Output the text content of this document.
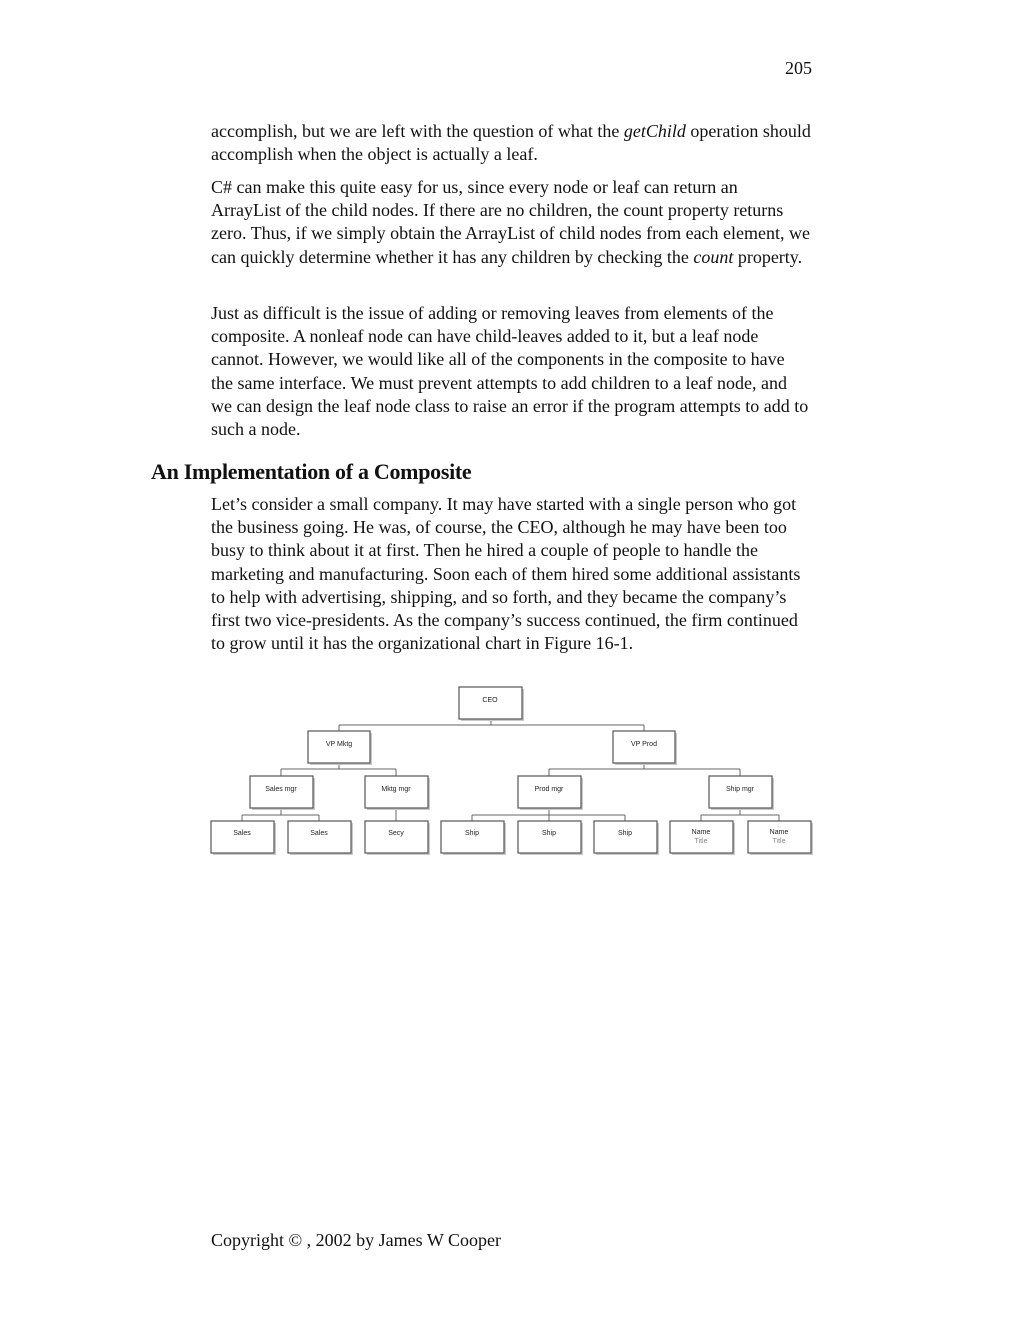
205

accomplish, but we are left with the question of what the getChild operation should accomplish when the object is actually a leaf.

C# can make this quite easy for us, since every node or leaf can return an ArrayList of the child nodes. If there are no children, the count property returns zero. Thus, if we simply obtain the ArrayList of child nodes from each element, we can quickly determine whether it has any children by checking the count property.

Just as difficult is the issue of adding or removing leaves from elements of the composite. A nonleaf node can have child-leaves added to it, but a leaf node cannot. However, we would like all of the components in the composite to have the same interface. We must prevent attempts to add children to a leaf node, and we can design the leaf node class to raise an error if the program attempts to add to such a node.

An Implementation of a Composite

Let’s consider a small company. It may have started with a single person who got the business going. He was, of course, the CEO, although he may have been too busy to think about it at first. Then he hired a couple of people to handle the marketing and manufacturing. Soon each of them hired some additional assistants to help with advertising, shipping, and so forth, and they became the company’s first two vice-presidents. As the company’s success continued, the firm continued to grow until it has the organizational chart in Figure 16-1.

CEO
VP Mktg	VP Prod
Sales mgr	Mktg mgr	Prod mgr	Ship mgr
Sales	Sales	Secy	Ship	Ship	Ship	Name
Title
Name
Title
Copyright © , 2002 by James W Cooper
